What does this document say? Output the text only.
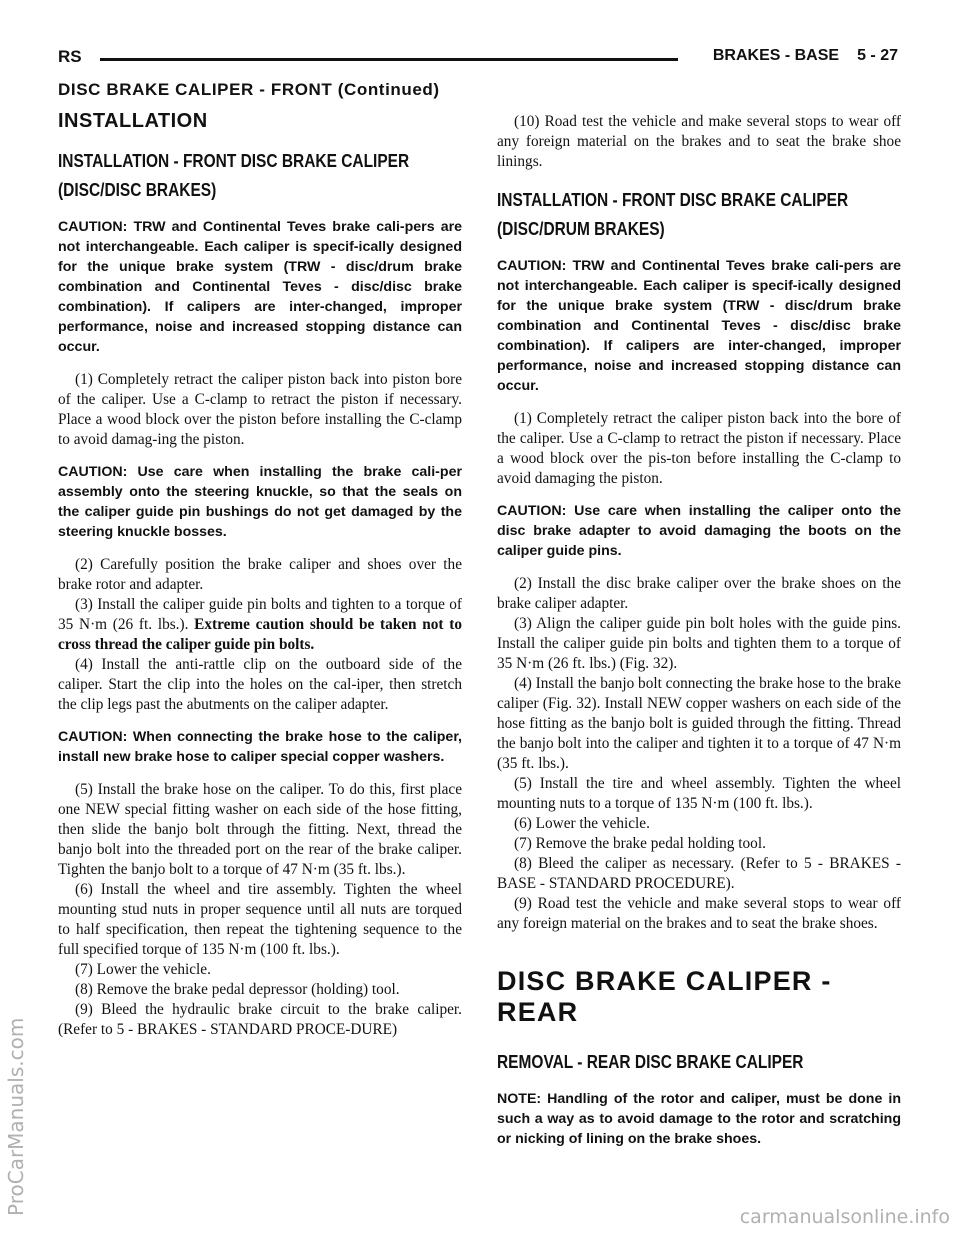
RS	BRAKES - BASE 5 - 27
DISC BRAKE CALIPER - FRONT (Continued)
INSTALLATION
INSTALLATION - FRONT DISC BRAKE CALIPER (DISC/DISC BRAKES)
CAUTION: TRW and Continental Teves brake cali-pers are not interchangeable. Each caliper is specif-ically designed for the unique brake system (TRW - disc/drum brake combination and Continental Teves - disc/disc brake combination). If calipers are inter-changed, improper performance, noise and increased stopping distance can occur.

(1) Completely retract the caliper piston back into piston bore of the caliper. Use a C-clamp to retract the piston if necessary. Place a wood block over the piston before installing the C-clamp to avoid damag-ing the piston.

CAUTION: Use care when installing the brake cali-per assembly onto the steering knuckle, so that the seals on the caliper guide pin bushings do not get damaged by the steering knuckle bosses.

(2) Carefully position the brake caliper and shoes over the brake rotor and adapter.

(3) Install the caliper guide pin bolts and tighten to a torque of 35 N·m (26 ft. lbs.). Extreme caution should be taken not to cross thread the caliper guide pin bolts.

(4) Install the anti-rattle clip on the outboard side of the caliper. Start the clip into the holes on the cal-iper, then stretch the clip legs past the abutments on the caliper adapter.

CAUTION: When connecting the brake hose to the caliper, install new brake hose to caliper special copper washers.

(5) Install the brake hose on the caliper. To do this, first place one NEW special fitting washer on each side of the hose fitting, then slide the banjo bolt through the fitting. Next, thread the banjo bolt into the threaded port on the rear of the brake caliper. Tighten the banjo bolt to a torque of 47 N·m (35 ft. lbs.).

(6) Install the wheel and tire assembly. Tighten the wheel mounting stud nuts in proper sequence until all nuts are torqued to half specification, then repeat the tightening sequence to the full specified torque of 135 N·m (100 ft. lbs.).

(7) Lower the vehicle.

(8) Remove the brake pedal depressor (holding) tool.

(9) Bleed the hydraulic brake circuit to the brake caliper. (Refer to 5 - BRAKES - STANDARD PROCE-DURE)

(10) Road test the vehicle and make several stops to wear off any foreign material on the brakes and to seat the brake shoe linings.

INSTALLATION - FRONT DISC BRAKE CALIPER (DISC/DRUM BRAKES)
CAUTION: TRW and Continental Teves brake cali-pers are not interchangeable. Each caliper is specif-ically designed for the unique brake system (TRW - disc/drum brake combination and Continental Teves - disc/disc brake combination). If calipers are inter-changed, improper performance, noise and increased stopping distance can occur.

(1) Completely retract the caliper piston back into the bore of the caliper. Use a C-clamp to retract the piston if necessary. Place a wood block over the pis-ton before installing the C-clamp to avoid damaging the piston.

CAUTION: Use care when installing the caliper onto the disc brake adapter to avoid damaging the boots on the caliper guide pins.

(2) Install the disc brake caliper over the brake shoes on the brake caliper adapter.

(3) Align the caliper guide pin bolt holes with the guide pins. Install the caliper guide pin bolts and tighten them to a torque of 35 N·m (26 ft. lbs.) (Fig. 32).

(4) Install the banjo bolt connecting the brake hose to the brake caliper (Fig. 32). Install NEW copper washers on each side of the hose fitting as the banjo bolt is guided through the fitting. Thread the banjo bolt into the caliper and tighten it to a torque of 47 N·m (35 ft. lbs.).

(5) Install the tire and wheel assembly. Tighten the wheel mounting nuts to a torque of 135 N·m (100 ft. lbs.).

(6) Lower the vehicle.

(7) Remove the brake pedal holding tool.

(8) Bleed the caliper as necessary. (Refer to 5 - BRAKES - BASE - STANDARD PROCEDURE).

(9) Road test the vehicle and make several stops to wear off any foreign material on the brakes and to seat the brake shoes.

DISC BRAKE CALIPER - REAR
REMOVAL - REAR DISC BRAKE CALIPER
NOTE: Handling of the rotor and caliper, must be done in such a way as to avoid damage to the rotor and scratching or nicking of lining on the brake shoes.
ProCarManuals.com
carmanualsonline.info
